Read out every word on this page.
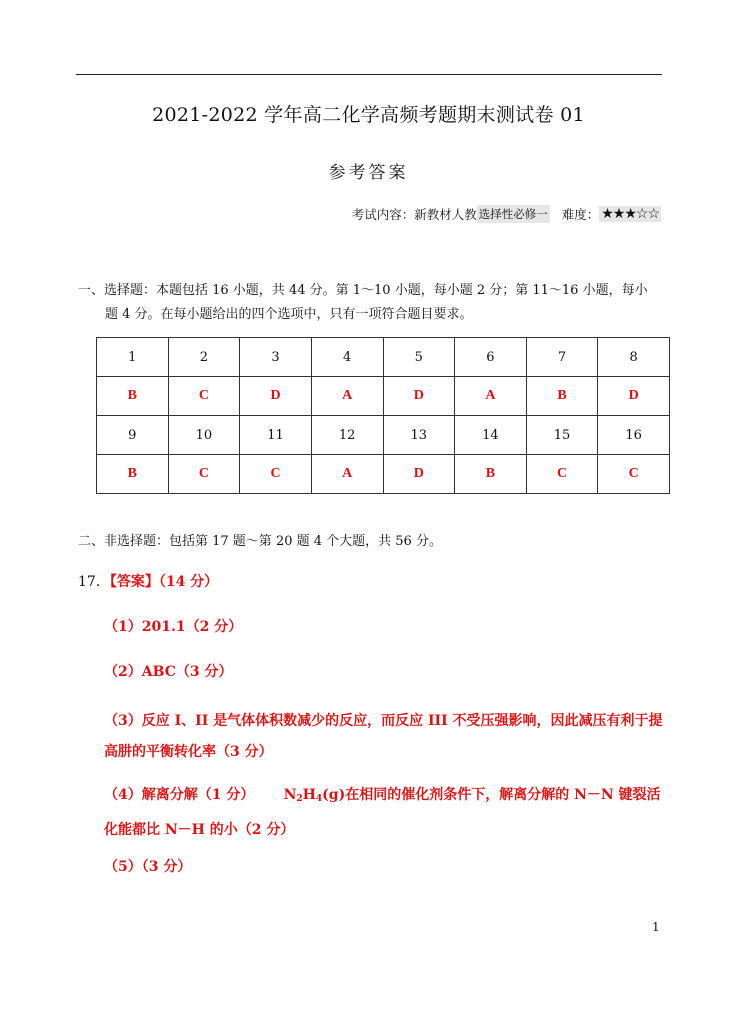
2021-2022 学年高二化学高频考题期末测试卷 01
参考答案
考试内容：新教材人教 选择性必修一 难度： ★★★☆☆
一、选择题：本题包括 16 小题，共 44 分。第 1～10 小题，每小题 2 分；第 11～16 小题，每小
题 4 分。在每小题给出的四个选项中，只有一项符合题目要求。
1	2	3	4	5	6	7	8
B	C	D	A	D	A	B	D
9	10	11	12	13	14	15	16
B	C	C	A	D	B	C	C
二、非选择题：包括第 17 题～第 20 题 4 个大题，共 56 分。
17．【答案】（14 分）
（1）201.1（2 分）
（2）ABC（3 分）
（3）反应 I、II 是气体体积数减少的反应，而反应 III 不受压强影响，因此减压有利于提高肼的平衡转化率（3 分）
（4）解离分解（1 分） $N_2H_4(g)$在相同的催化剂条件下，解离分解的 N－N 键裂活化能都比 N－H 的小（2 分）
（5）（3 分）
1
